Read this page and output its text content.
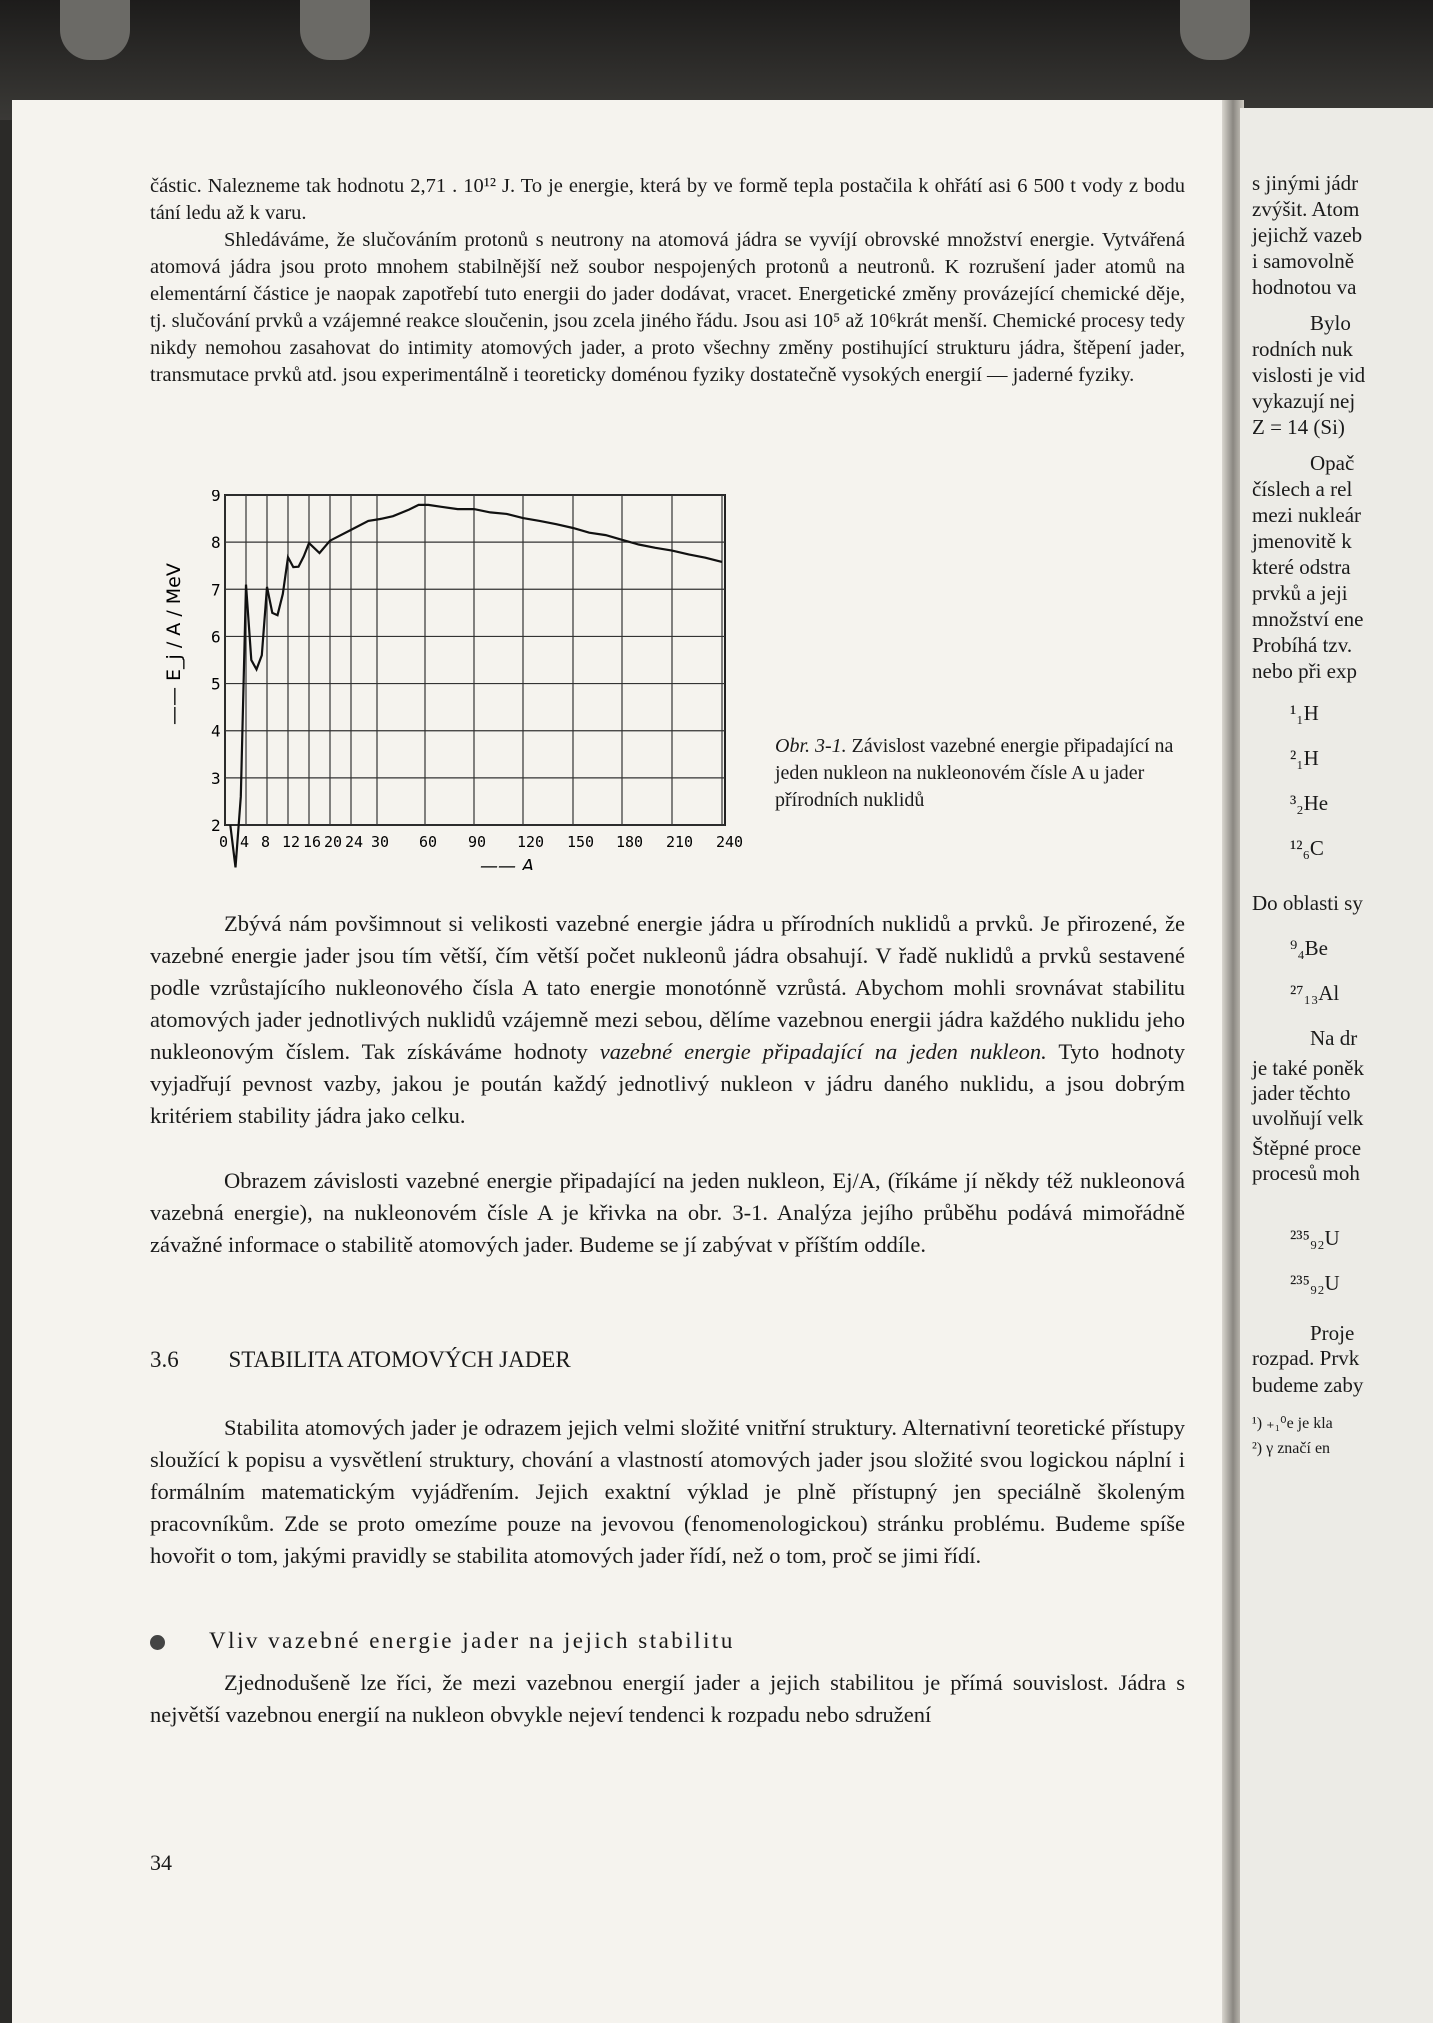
s jinými jádr
zvýšit. Atom
jejichž vazeb
i samovolně
hodnotou va
Bylo
rodních nuk
vislosti je vid
vykazují nej
Z = 14 (Si)
Opač
číslech a rel
mezi nukleár
jmenovitě k
které odstra
prvků a jeji
množství ene
Probíhá tzv.
nebo při exp
¹₁H
²₁H
³₂He
¹²₆C
Do oblasti sy
⁹₄Be
²⁷₁₃Al
Na dr
je také poněk
jader těchto
uvolňují velk
Štěpné proce
procesů moh
²³⁵₉₂U
²³⁵₉₂U
Proje
rozpad. Prvk
budeme zaby
¹) ₊₁⁰e je kla
²) γ značí en

částic. Nalezneme tak hodnotu 2,71 . 10¹² J. To je energie, která by ve formě tepla postačila k ohřátí asi 6 500 t vody z bodu tání ledu až k varu.

Shledáváme, že slučováním protonů s neutrony na atomová jádra se vyvíjí obrovské množství energie. Vytvářená atomová jádra jsou proto mnohem stabilnější než soubor nespojených protonů a neutronů. K rozrušení jader atomů na elementární částice je naopak zapotřebí tuto energii do jader dodávat, vracet. Energetické změny provázející chemické děje, tj. slučování prvků a vzájemné reakce sloučenin, jsou zcela jiného řádu. Jsou asi 10⁵ až 10⁶krát menší. Chemické procesy tedy nikdy nemohou zasahovat do intimity atomových jader, a proto všechny změny postihující strukturu jádra, štěpení jader, transmutace prvků atd. jsou experimentálně i teoreticky doménou fyziky dostatečně vysokých energií — jaderné fyziky.

2
3
4
5
6
7
8
9
0 4 8 12 16 20 24 30 60 90 120 150 180 210 240
—— A
—— E_j / A / MeV
Obr. 3-1. Závislost vazebné energie připadající na jeden nukleon na nukleonovém čísle A u jader přírodních nuklidů

Zbývá nám povšimnout si velikosti vazebné energie jádra u přírodních nuklidů a prvků. Je přirozené, že vazebné energie jader jsou tím větší, čím větší počet nukleonů jádra obsahují. V řadě nuklidů a prvků sestavené podle vzrůstajícího nukleonového čísla A tato energie monotónně vzrůstá. Abychom mohli srovnávat stabilitu atomových jader jednotlivých nuklidů vzájemně mezi sebou, dělíme vazebnou energii jádra každého nuklidu jeho nukleonovým číslem. Tak získáváme hodnoty vazebné energie připadající na jeden nukleon. Tyto hodnoty vyjadřují pevnost vazby, jakou je poután každý jednotlivý nukleon v jádru daného nuklidu, a jsou dobrým kritériem stability jádra jako celku.

Obrazem závislosti vazebné energie připadající na jeden nukleon, Ej/A, (říkáme jí někdy též nukleonová vazebná energie), na nukleonovém čísle A je křivka na obr. 3-1. Analýza jejího průběhu podává mimořádně závažné informace o stabilitě atomových jader. Budeme se jí zabývat v příštím oddíle.

3.6 STABILITA ATOMOVÝCH JADER

Stabilita atomových jader je odrazem jejich velmi složité vnitřní struktury. Alternativní teoretické přístupy sloužící k popisu a vysvětlení struktury, chování a vlastností atomových jader jsou složité svou logickou náplní i formálním matematickým vyjádřením. Jejich exaktní výklad je plně přístupný jen speciálně školeným pracovníkům. Zde se proto omezíme pouze na jevovou (fenomenologickou) stránku problému. Budeme spíše hovořit o tom, jakými pravidly se stabilita atomových jader řídí, než o tom, proč se jimi řídí.

Vliv vazebné energie jader na jejich stabilitu

Zjednodušeně lze říci, že mezi vazebnou energií jader a jejich stabilitou je přímá souvislost. Jádra s největší vazebnou energií na nukleon obvykle nejeví tendenci k rozpadu nebo sdružení

34
